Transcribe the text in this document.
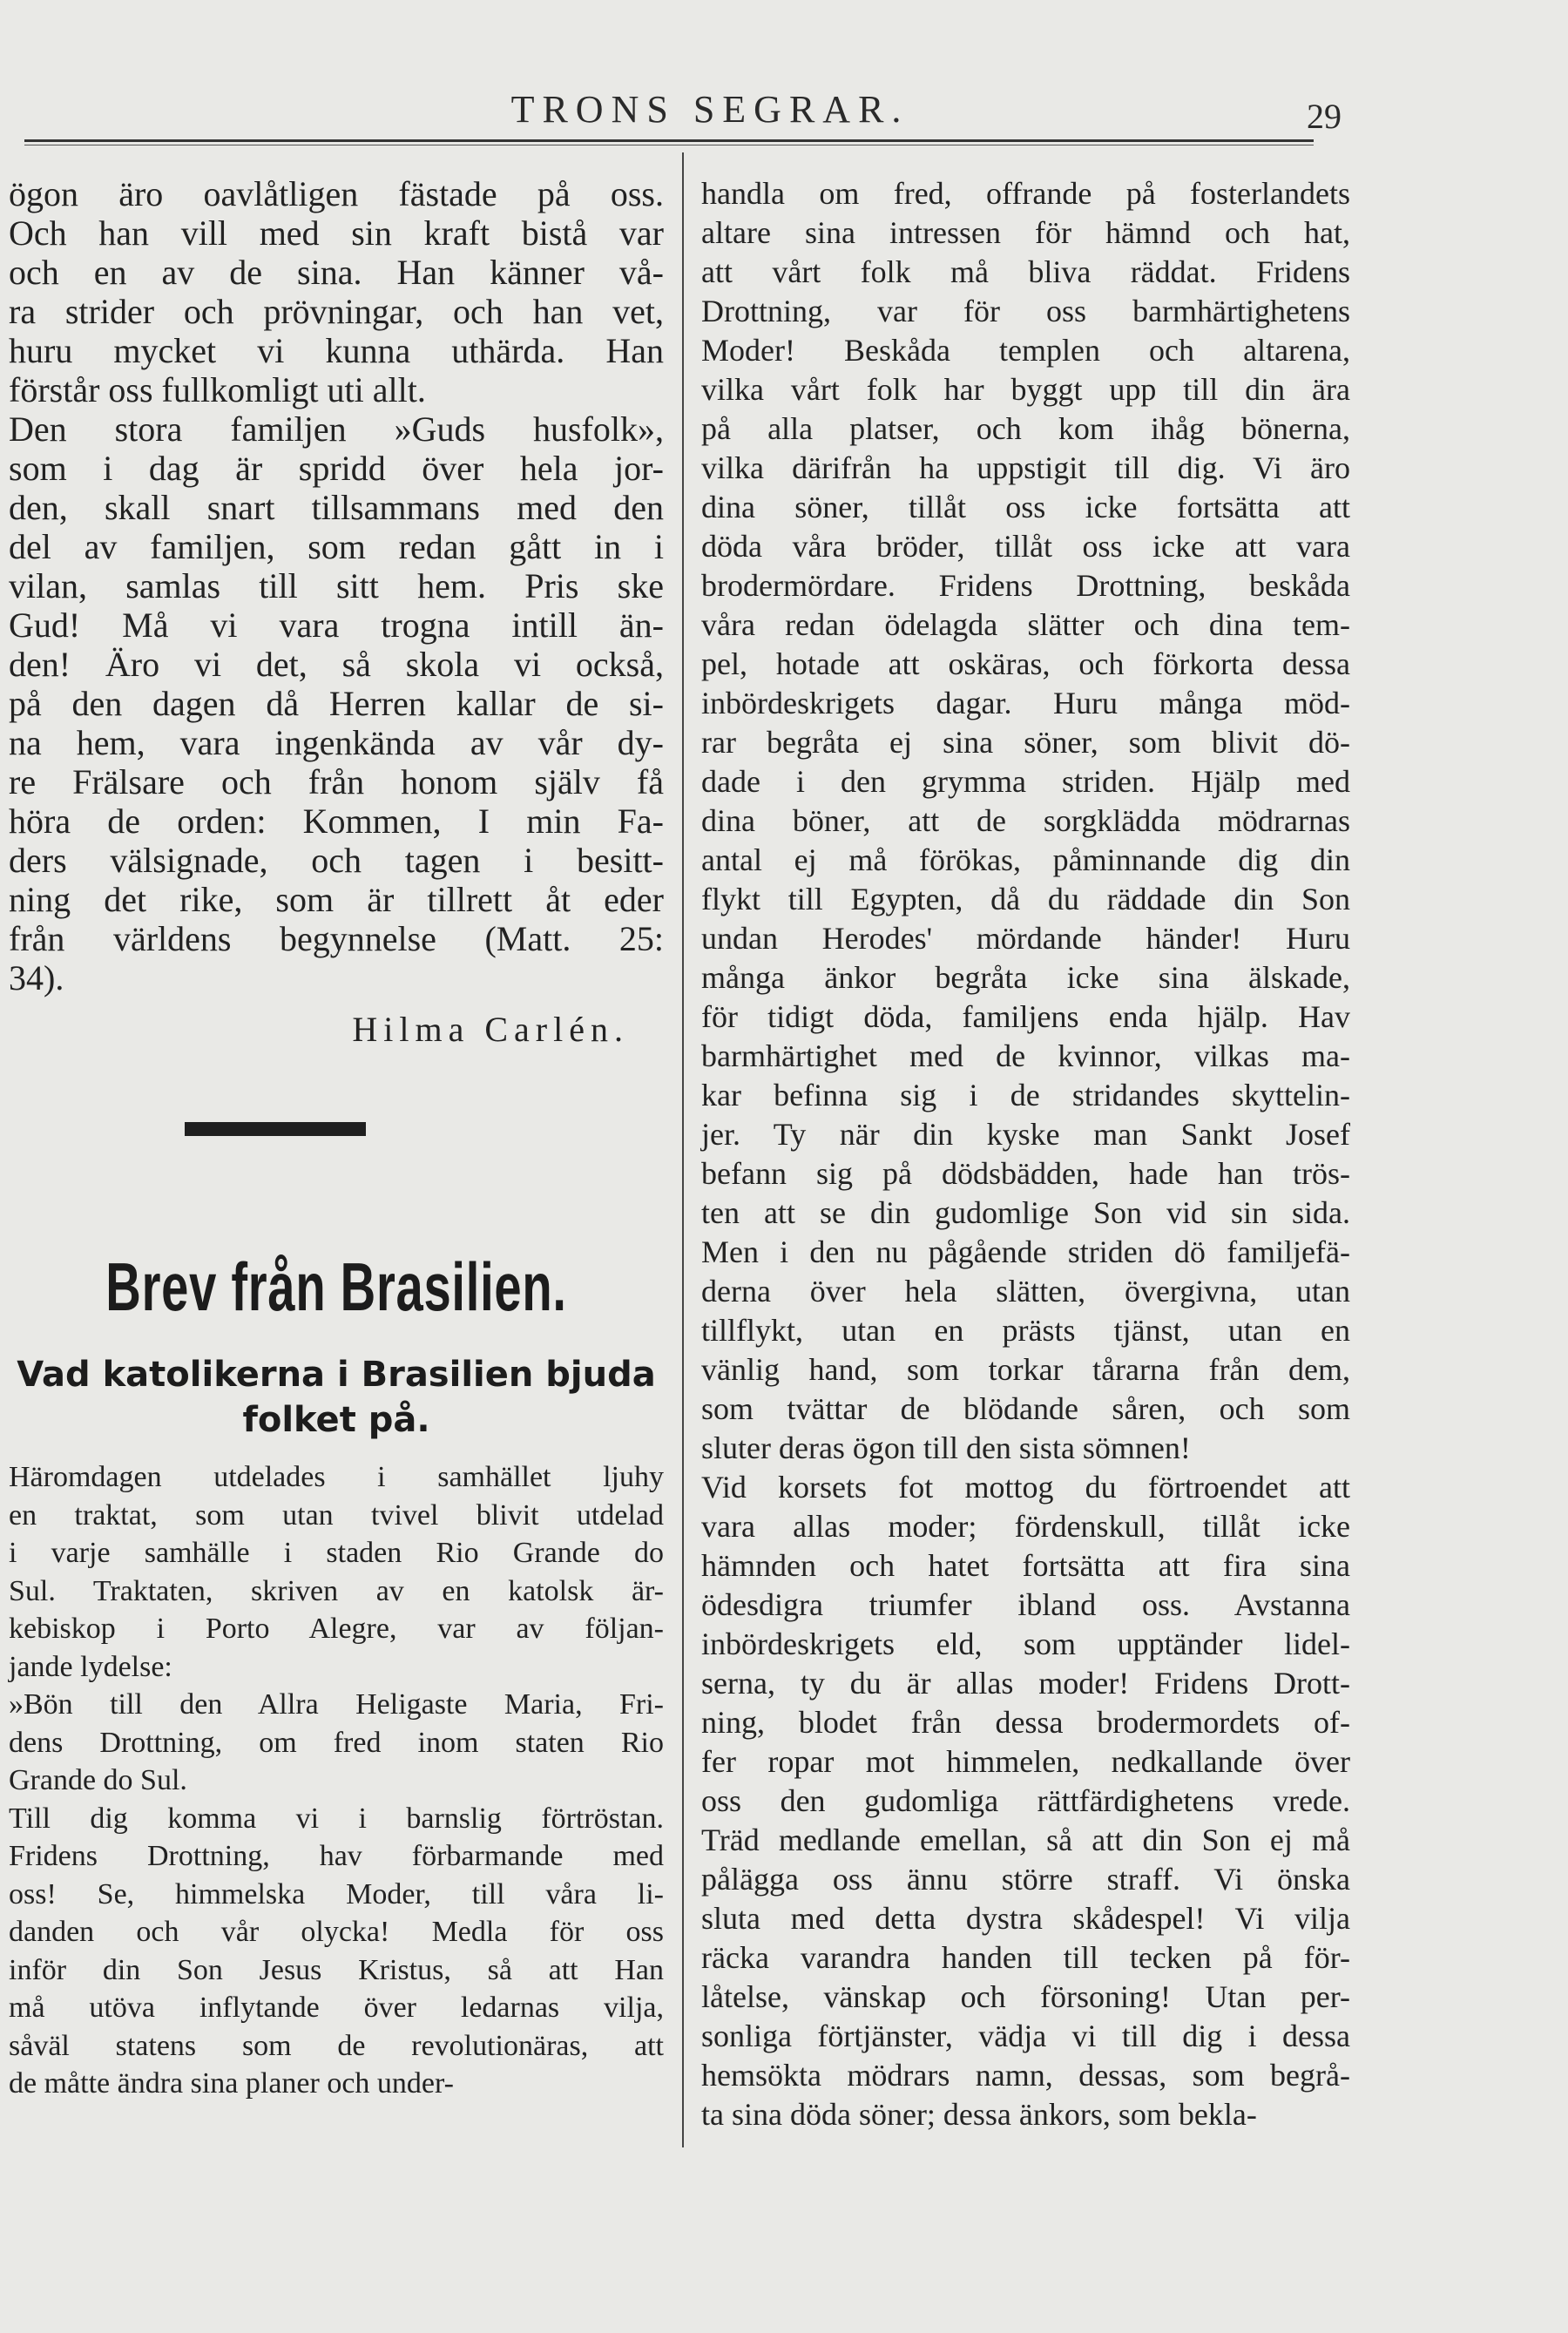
TRONS SEGRAR.	29
ögon äro oavlåtligen fästade på oss.
Och han vill med sin kraft bistå var
och en av de sina. Han känner vå-
ra strider och prövningar, och han vet,
huru mycket vi kunna uthärda. Han
förstår oss fullkomligt uti allt.
Den stora familjen »Guds husfolk»,
som i dag är spridd över hela jor-
den, skall snart tillsammans med den
del av familjen, som redan gått in i
vilan, samlas till sitt hem. Pris ske
Gud! Må vi vara trogna intill än-
den! Äro vi det, så skola vi också,
på den dagen då Herren kallar de si-
na hem, vara ingenkända av vår dy-
re Frälsare och från honom själv få
höra de orden: Kommen, I min Fa-
ders välsignade, och tagen i besitt-
ning det rike, som är tillrett åt eder
från världens begynnelse (Matt. 25:
34).
Hilma Carlén.
Brev från Brasilien.
Vad katolikerna i Brasilien bjuda
folket på.
Häromdagen utdelades i samhället ljuhy
en traktat, som utan tvivel blivit utdelad
i varje samhälle i staden Rio Grande do
Sul. Traktaten, skriven av en katolsk är-
kebiskop i Porto Alegre, var av följan-
jande lydelse:
»Bön till den Allra Heligaste Maria, Fri-
dens Drottning, om fred inom staten Rio
Grande do Sul.
Till dig komma vi i barnslig förtröstan.
Fridens Drottning, hav förbarmande med
oss! Se, himmelska Moder, till våra li-
danden och vår olycka! Medla för oss
inför din Son Jesus Kristus, så att Han
må utöva inflytande över ledarnas vilja,
såväl statens som de revolutionäras, att
de måtte ändra sina planer och under-
handla om fred, offrande på fosterlandets
altare sina intressen för hämnd och hat,
att vårt folk må bliva räddat. Fridens
Drottning, var för oss barmhärtighetens
Moder! Beskåda templen och altarena,
vilka vårt folk har byggt upp till din ära
på alla platser, och kom ihåg bönerna,
vilka därifrån ha uppstigit till dig. Vi äro
dina söner, tillåt oss icke fortsätta att
döda våra bröder, tillåt oss icke att vara
brodermördare. Fridens Drottning, beskåda
våra redan ödelagda slätter och dina tem-
pel, hotade att oskäras, och förkorta dessa
inbördeskrigets dagar. Huru många möd-
rar begråta ej sina söner, som blivit dö-
dade i den grymma striden. Hjälp med
dina böner, att de sorgklädda mödrarnas
antal ej må förökas, påminnande dig din
flykt till Egypten, då du räddade din Son
undan Herodes' mördande händer! Huru
många änkor begråta icke sina älskade,
för tidigt döda, familjens enda hjälp. Hav
barmhärtighet med de kvinnor, vilkas ma-
kar befinna sig i de stridandes skyttelin-
jer. Ty när din kyske man Sankt Josef
befann sig på dödsbädden, hade han trös-
ten att se din gudomlige Son vid sin sida.
Men i den nu pågående striden dö familjefä-
derna över hela slätten, övergivna, utan
tillflykt, utan en prästs tjänst, utan en
vänlig hand, som torkar tårarna från dem,
som tvättar de blödande såren, och som
sluter deras ögon till den sista sömnen!
Vid korsets fot mottog du förtroendet att
vara allas moder; fördenskull, tillåt icke
hämnden och hatet fortsätta att fira sina
ödesdigra triumfer ibland oss. Avstanna
inbördeskrigets eld, som upptänder lidel-
serna, ty du är allas moder! Fridens Drott-
ning, blodet från dessa brodermordets of-
fer ropar mot himmelen, nedkallande över
oss den gudomliga rättfärdighetens vrede.
Träd medlande emellan, så att din Son ej må
pålägga oss ännu större straff. Vi önska
sluta med detta dystra skådespel! Vi vilja
räcka varandra handen till tecken på för-
låtelse, vänskap och försoning! Utan per-
sonliga förtjänster, vädja vi till dig i dessa
hemsökta mödrars namn, dessas, som begrå-
ta sina döda söner; dessa änkors, som bekla-
